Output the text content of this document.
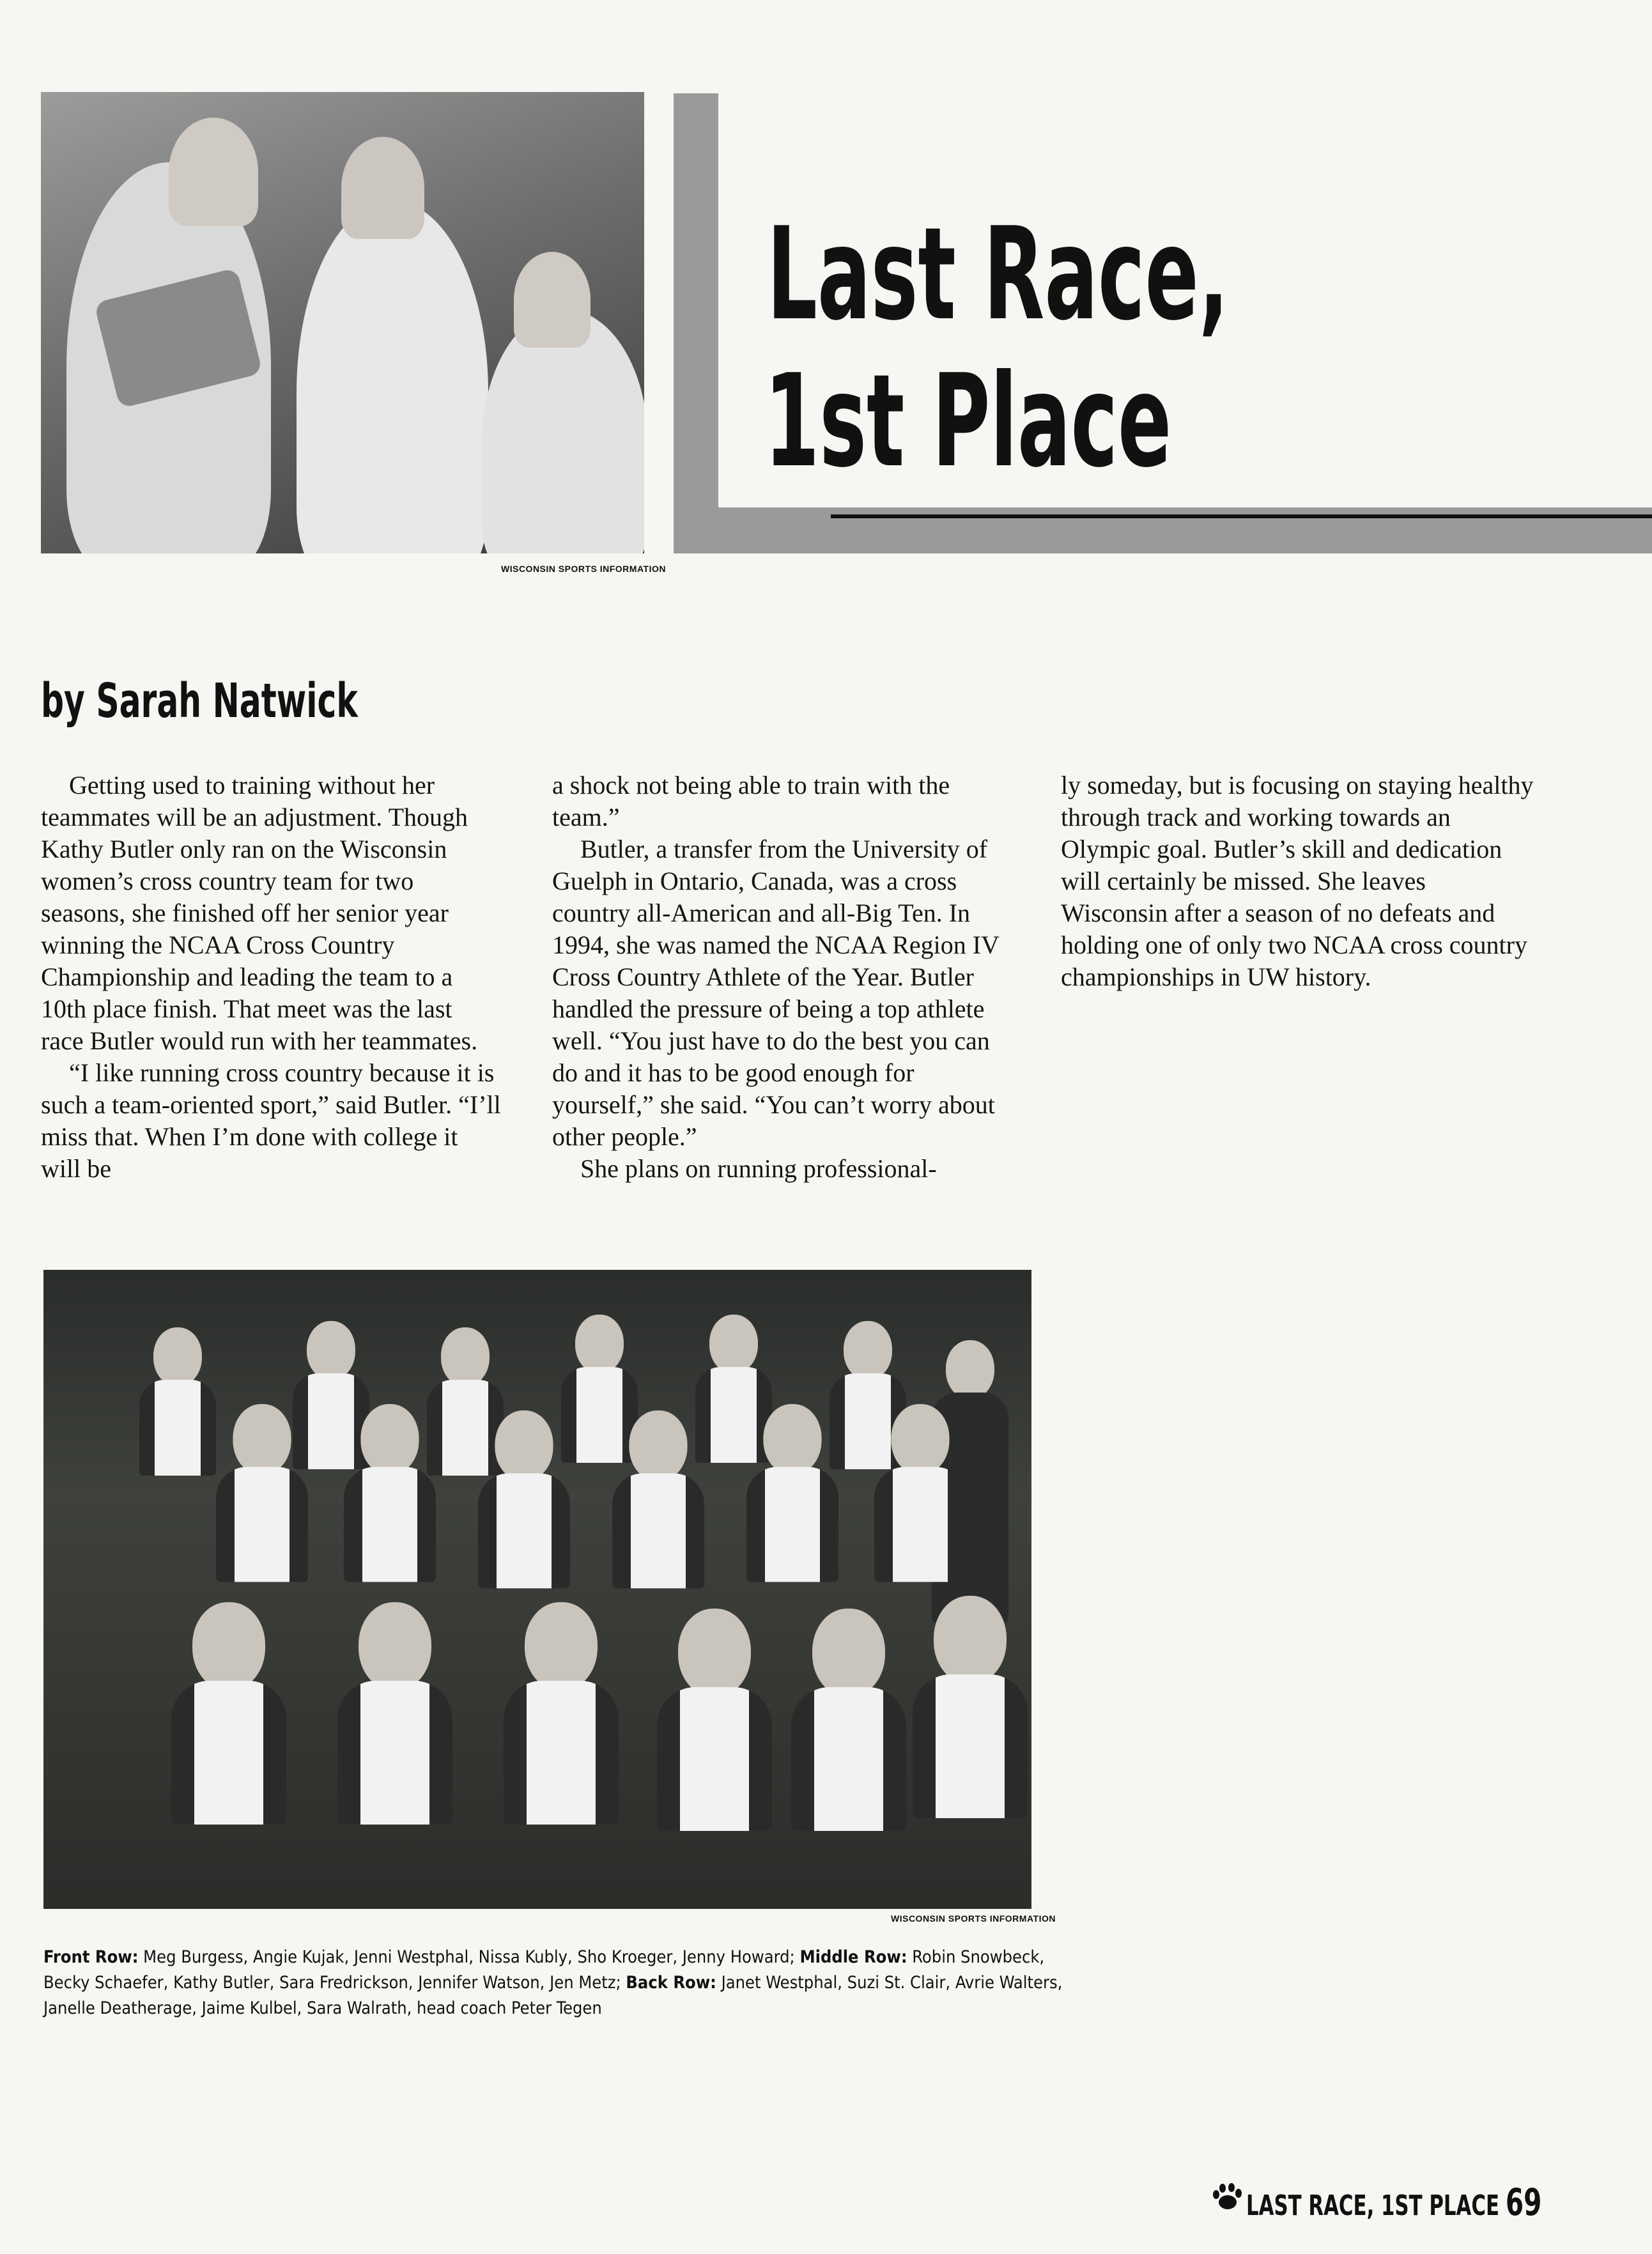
WISCONSIN SPORTS INFORMATION
Last Race,
1st Place
by Sarah Natwick

Getting used to training without her teammates will be an adjustment. Though Kathy Butler only ran on the Wisconsin women’s cross country team for two seasons, she finished off her senior year winning the NCAA Cross Country Championship and leading the team to a 10th place finish. That meet was the last race Butler would run with her teammates.

“I like running cross country because it is such a team-oriented sport,” said Butler. “I’ll miss that. When I’m done with college it will be

a shock not being able to train with the team.”

Butler, a transfer from the University of Guelph in Ontario, Canada, was a cross country all-American and all-Big Ten. In 1994, she was named the NCAA Region IV Cross Country Athlete of the Year. Butler handled the pressure of being a top athlete well. “You just have to do the best you can do and it has to be good enough for yourself,” she said. “You can’t worry about other people.”

She plans on running professional-

ly someday, but is focusing on staying healthy through track and working towards an Olympic goal. Butler’s skill and dedication will certainly be missed. She leaves Wisconsin after a season of no defeats and holding one of only two NCAA cross country championships in UW history.

WISCONSIN SPORTS INFORMATION
Front Row: Meg Burgess, Angie Kujak, Jenni Westphal, Nissa Kubly, Sho Kroeger, Jenny Howard; Middle Row: Robin Snowbeck,
Becky Schaefer, Kathy Butler, Sara Fredrickson, Jennifer Watson, Jen Metz; Back Row: Janet Westphal, Suzi St. Clair, Avrie Walters,
Janelle Deatherage, Jaime Kulbel, Sara Walrath, head coach Peter Tegen
LAST RACE, 1ST PLACE 69
